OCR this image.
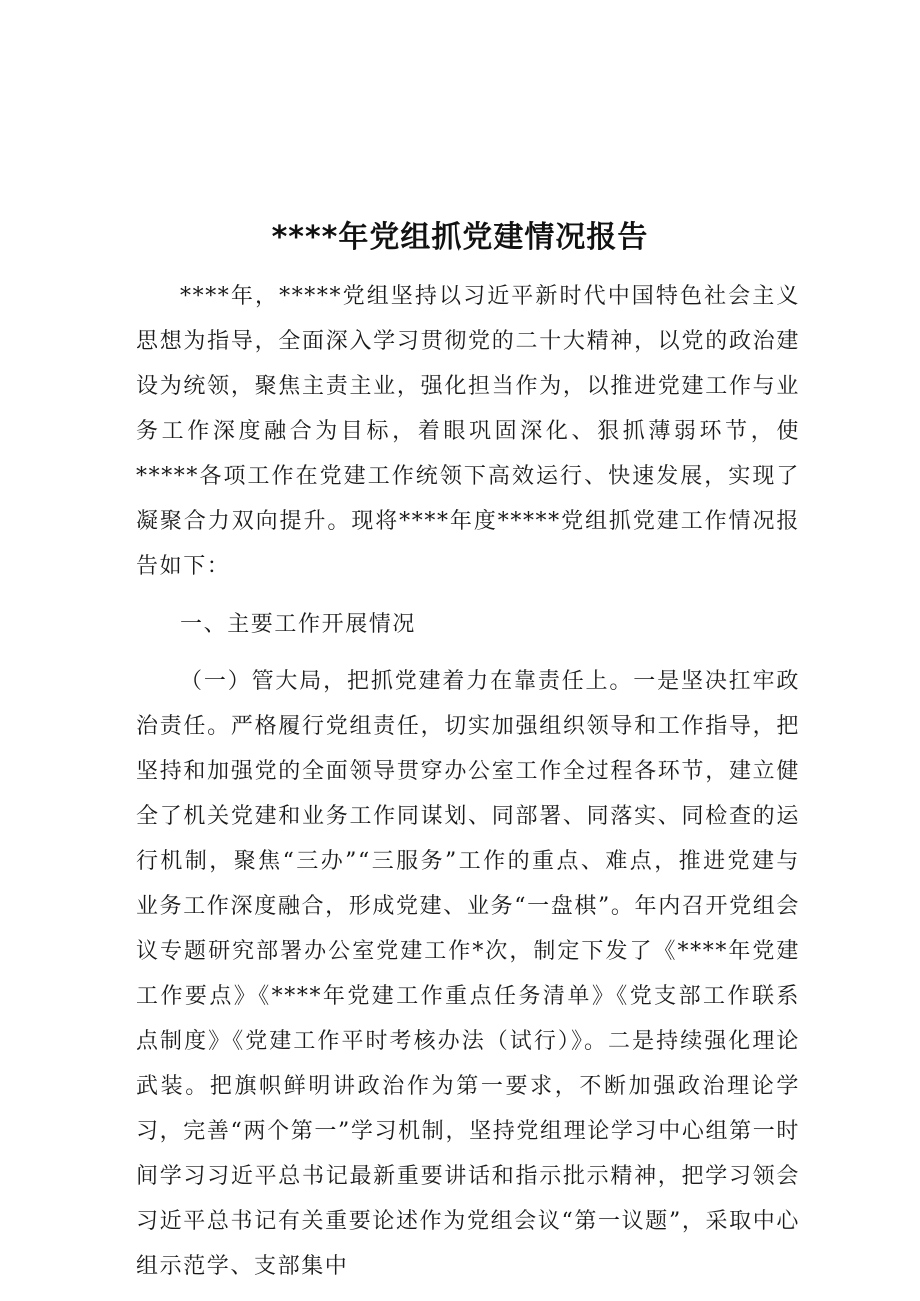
****年党组抓党建情况报告

****年，*****党组坚持以习近平新时代中国特色社会主义思想为指导，全面深入学习贯彻党的二十大精神，以党的政治建设为统领，聚焦主责主业，强化担当作为，以推进党建工作与业务工作深度融合为目标，着眼巩固深化、狠抓薄弱环节，使*****各项工作在党建工作统领下高效运行、快速发展，实现了凝聚合力双向提升。现将****年度*****党组抓党建工作情况报告如下：

一、主要工作开展情况

（一）管大局，把抓党建着力在靠责任上。一是坚决扛牢政治责任。严格履行党组责任，切实加强组织领导和工作指导，把坚持和加强党的全面领导贯穿办公室工作全过程各环节，建立健全了机关党建和业务工作同谋划、同部署、同落实、同检查的运行机制，聚焦“三办”“三服务”工作的重点、难点，推进党建与业务工作深度融合，形成党建、业务“一盘棋”。年内召开党组会议专题研究部署办公室党建工作*次，制定下发了《****年党建工作要点》《****年党建工作重点任务清单》《党支部工作联系点制度》《党建工作平时考核办法（试行）》。二是持续强化理论武装。把旗帜鲜明讲政治作为第一要求，不断加强政治理论学习，完善“两个第一”学习机制，坚持党组理论学习中心组第一时间学习习近平总书记最新重要讲话和指示批示精神，把学习领会习近平总书记有关重要论述作为党组会议“第一议题”，采取中心组示范学、支部集中
